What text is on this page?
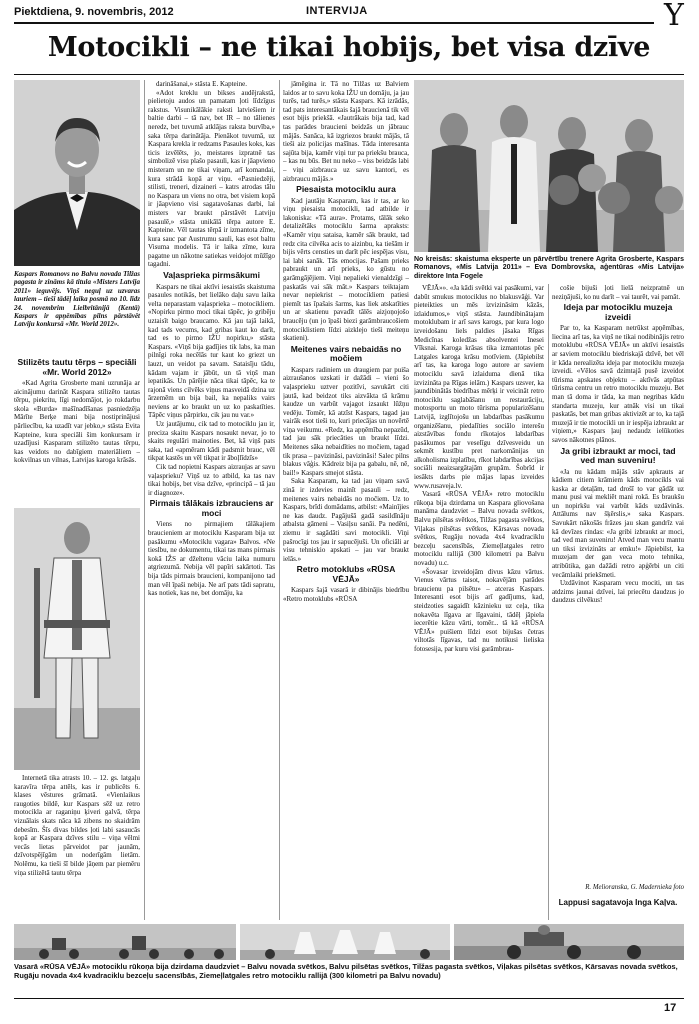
Piektdiena, 9. novembris, 2012	INTERVIJA	Y
Motocikli – ne tikai hobijs, bet visa dzīve
Kaspars Romanovs no Balvu novada Tilžas pagasta ir zināms kā titula «Misters Latvija 2011» ieguvējs. Viņš neguļ uz uzvaras lauriem – tieši tādēļ laika posmā no 10. līdz 24. novembrim Lielbritānijā (Kentā) Kaspars ir apņēmības pilns pārstāvēt Latviju konkursā «Mr. World 2012».
Stilizēts tautu tērps – speciāli «Mr. World 2012»

«Kad Agrita Grosberte mani uzrunāja ar aicinājumu darināt Kaspara stilizēto tautas tērpu, piekritu, līgi nedomājot, jo rokdarbu skola «Burda» mašīnadīšanas pasniedzēja Mārīte Berķe mani bija nostiprinājusi pārliecību, ka uzadīt var jebko,» stāsta Evita Kapteine, kura speciāli šim konkursam ir uzadījusi Kasparam stilizēto tautas tērpu, kas veidots no dabīgiem materiāliem – kokvilnas un vilnas, Latvijas karoga krāsās.

Internetā tika atrasts 10. – 12. gs. latgaļu karavīra tērpa attēls, kas ir publicēts 6. klases vēstures grāmatā. «Vienlaikus raugoties bildē, kur Kaspars sēž uz retro motocikla ar raganiņu ķiveri galvā, tērpa vizuālais skats nāca kā zibens no skaidrām debesīm. Šīs divas bildes ļoti labi sasaucās kopā ar Kaspara dzīves stilu – viņa vēlmi vecās lietas pārveidot par jaunām, dzīvotspējīgām un noderīgām lietām. Nolēmu, ka tieši šī bilde jāņem par piemēru viņa stilizētā tautu tērpa

darināšanai,» stāsta E. Kapteine.

«Adot kreklu un bikses audējrakstā, pielietoju audos un pamatam ļoti līdzīgus rakstus. Visunikālākie raksti latviešiem ir baltie darbi – tā nav, bet IR – no tālienes neredz, bet tuvumā atklājas raksta burvība,» saka tērpa darinātāja. Pienākot tuvumā, uz Kaspara krekla ir redzams Pasaules koks, kas ticis izvēlēts, jo, meistares izpratnē tas simbolizē visu plašo pasauli, kas ir jāapvieno misteram un ne tikai viņam, arī komandai, kura strādā kopā ar viņu. «Pasniedzēji, stilisti, treneri, dizaineri – katrs atrodas tālu no Kaspara un viens no otra, bet visiem kopā ir jāapvieno visi sagatavošanas darbi, lai misters var braukt pārstāvēt Latviju pasaulē,» stāsta unikālā tērpa autore E. Kapteine. Vēl tautas tērpā ir izmantota zīme, kura sauc par Austrumu sauli, kas esot baltu Visuma modelis. Tā ir laika zīme, kura pagatne un nākotne satiekas veidojot mūžīgo tagadni.

Vaļasprieka pirmsākumi

Kaspars ne tikai aktīvi iesaistās skaistuma pasaules notikās, bet lielāko daļu savu laika velta neparastam vaļasprieka – motocikliem. «Nopirku pirmo moci tikai tāpēc, jo gribēju uztaisīt baigo braucamo. Kā jau tajā laikā, kad tads vecums, kad gribas kaut ko darīt, tad es to pirmo IŽU nopirku,» stāsta Kaspars. «Viņš bija gadījies tik labs, ka man pilnīgi roka necēlās tur kaut ko griezt un lauzt, un veidot pa savam. Sataisīju tādu, kādam vajam ir jābūt, un tā viņš man iepatikās. Un pārējie nāca tikai tāpēc, ka te rajonā viens cilvēks viņus masveidā dzina uz ārzemēm un bija bail, ka nepaliks vairs neviens ar ko braukt un uz ko paskatīties. Tāpēc viņus pārpirku, cik jau nu var.»

Uz jautājumu, cik tad to motociklu jau ir, preciza skaitu Kaspars nosaukt nevar, jo to skaits regulāri mainoties. Bet, kā viņš pats saka, tad «apmēram kādi padsmit brauc, vēl tikpat kastēs un vēl tikpat ir āboļlīdzīs»

Cik tad nopietni Kaspars aizraujas ar savu vaļasprieku? Viņš uz to atbild, ka tas nav tikai hobijs, bet visa dzīve, «principā – tā jau ir diagnoze».

Pirmais tālākais izbrauciens ar moci

Viens no pirmajiem tālākajiem braucieniem ar motociklu Kasparam bija uz pasākumu «Motociklu vagara» Balvos. «Ne tieslbu, ne dokumentu, tikai tas mans pirmais kokā IŽS ar dželtenu vāciu laika numuru atgriezumā. Nebija vēl papīri sakārtoti. Tas bija tāds pirmais braucieni, kompanijono tad man vēl īpaši nebija. Ne arī pats tādi sapratu, kas notiek, kas ne, bet domāju, ka

jāmēgina ir. Tā no Tilžas uz Balviem laidos ar to savu koka IŽU un domāju, ja jau turēs, tad turēs,» stāsta Kaspars. Kā izrādās, tad pats interesantākais šajā braucienā tik vēl esot bijis priekšā. «Jautrākais bija tad, kad tas parādes braucieni beidzās un jābrauc mājās. Sanāca, kā izgriezos braukt mājās, tā tieši aiz policijas mašīnas. Tāda interesanta sajūta bija, kamēr viņi tur pa priekšu brauca, – kas nu būs. Bet nu neko – viss beidzās labi – viņi aizbrauca uz savu kantori, es aizbraucu mājās.»

Piesaista motociklu aura

Kad jautāju Kasparam, kas ir tas, ar ko viņu piesaista motocikli, tad atbilde ir lakoniska: «Tā aura». Protams, tālāk seko detalizētāks motociklu šarma apraksts: «Kamēr viņu sataisa, kamēr sāk braukt, tad redz cita cilvēka acis to aizinbu, ka tiešām ir bijis vērts censties un darīt pēc iespējas visu, lai labi sanāk. Tās emocijas. Pašam prieks pabraukt un arī prieks, ko gūstu no garāmgājējiem. Viņi nepalieki vienaldzīgi – paskatās vai sāk māt.» Kaspars teiktajam nevar nepiekrist – motocikliem patiesi piemīt tas īpašais šarms, kas liek atskatīties un ar skatienu pavadīt tālēs aizjoņojošo braucēju (un jo īpaši biezi garāmbraucošiem motociklistiem līdzi aizklejo tieši meiteņu skatieni).

Meitenes vairs nebaidās no močiem

Kaspars radiniem un draugiem par puiša aizraušanos uzskati ir dažādi – vieni šo vaļasprieku uztver pozitīvi, savukārt citi jautā, kad beidzot tiks aizvākta tā krāmu kaudze un varbūt vajagot izsaukt lūžņu vedēju. Tomēr, kā atzīst Kaspars, tagad jau vairāk esot tieši to, kuri priecājas un novērtē viņa veikumu. «Redz, ka apņēmība nepazūd, tad jau sāk priecāties un braukt līdzi. Meitenes sāka nebaidīties no močiem, tagad tik prasa – pavizināsi, pavizināsi! Salec pilns blakus vāģis. Kādreiz bija pa gabalu, nē, nē, bail!» Kaspars smejot stāsta.

Saka Kasparam, ka tad jau viņam savā zinā ir izdevies mainīt pasauli – redz, meitenes vairs nebaidās no močiem. Uz to Kaspars, brīdi domādams, atbilst: «Mainījies ne kas daudz. Pagājušā gadā sasildīnāju atbalsta gāmeni – Vasiļsu sanāi. Pa nedēni, ziemu ir sagādāti savi motocikli. Viņi pašrocīgi tos jau ir sapucējuši. Un oficiāli ar visu tehniskio apskati – jau var braukt ielās.»

Retro motoklubs «RŪSA VĒJĀ»

Kaspars šajā vasarā ir dibinājis biedrību «Retro motoklubs «RŪSA

No kreisās: skaistuma eksperte un pārvērtību trenere Agrita Grosberte, Kaspars Romanovs, «Mis Latvija 2011» – Eva Dombrovska, aģentūras «Mis Latvija» direktore Inta Fogele

VĒJĀ»». «Ja kādi svētki vai pasākumi, var dabūt smukus motociklus no blakusvāģi. Var pieteikties un mēs izvizināsim kāzās, izlaidumos,» viņš stāsta. Jaundibinātajam motoklubam ir arī savs karogs, par kura logo izveidošanu liels paldies jāsaka Rīgas Medicīnas koledžas absolventei Inesei Vīksnai. Karoga krāsas tika izmantotas pēc Latgales karoga krāsu motīviem. (Jāpiebilst arī tas, ka karoga logo autore ar saviem motociklu savā izlaiduma dienā tika izvizināta pa Rīgas ielām.) Kaspars uzsver, ka jaundibinātās biedrības mērķi ir veicināt retro motociklu saglabāšanu un restaurāciju, motosportu un moto tūrisma popularizēšanu Latvijā, izglītojošu un labdarības pasākumu organizēšanu, piedalīties sociālo interešu aizstāvības fondu rīkotajos labdarības pasākumos par veselīgu dzīvesveidu un sekmēt kustību pret narkomānijas un alkoholisma izplatību, rīkot labdarības akcijas sociāli neaizsargātajām grupām. Šobrīd ir iesākts darbs pie mājas lapas izveides www.rusaveja.lv.

Vasarā «RŪSA VĒJĀ» retro motociklu rūkoņa bija dzirdama un Kaspara gliovošana manāma daudzviet – Balvu novada svētkos, Balvu pilsētas svētkos, Tilžas pagasta svētkos, Viļakas pilsētas svētkos, Kārsavas novada svētkos, Rugāju novada 4x4 kvadraciklu bezceļu sacensībās, Ziemeļlatgales retro motociklu rallijā (300 kilometri pa Balvu novadu) u.c.

«Šovasar izveidojām divus kāzu vārtus. Vienus vārtus taisot, nokavējām parādes braucienu pa pilsētu» – atceras Kaspars. Interesanti esot bijis arī gadījums, kad, steidzoties sagaidīt kāzinieku uz ceļa, tika nokavēta līgava ar līgavaini, tādēļ jāpiela iecerētie kāzu vārti, tomēr... tā kā «RŪSA VĒJĀ» puišiem līdzi esot bijušas četras viltotās līgavas, tad nu notikusi lieliska fotosesija, par kuru visi garāmbrau-

cošie bijuši ļoti lielā neizpratnē un neziņājuši, ko nu darīt – vai taurēt, vai pamāt.

Ideja par motociklu muzeja izveidi

Par to, ka Kasparam netrūkst apņēmības, liecina arī tas, ka viņš ne tikai nodibinājis retro motoklubu «RŪSA VĒJĀ» un aktīvi iesaistās ar saviem motociklu biedriskajā dzīvē, bet vēl ir kāda nerealizēta ideja par motociklu muzeja izveidi. «Vēlos savā dzimtajā pusē izveidot tūrisma apskates objektu – aktīvās atpūtas tūrisma centru un retro motociklu muzeju. Bet man tā doma ir tāda, ka man negribas kādu standarta muzeju, kur atnāk visi un tikai paskatās, bet man gribas aktivizēt ar to, ka tajā muzejā ir tie motocikli un ir iespēja izbraukt ar viņiem,» Kaspars ļauj nedaudz ielūkoties savos nākotnes plānos.

Ja gribi izbraukt ar moci, tad ved man suveniru!

«Ja nu kādam mājās stāv apkrauts ar kādiem citiem krāmiem kāds motocikls vai kaska ar detaļām, tad drošī to var gādāt uz manu pusi vai mekliēt mani rokā. Es braukšu un nopirkšu vai varbūt kāds uzdāvinās. Attālums nav šķērslis,» saka Kaspars. Savukārt nākošās frāzes jau skan gandrīz vai kā devīzes rindas: «Ja gribi izbraukt ar moci, tad ved man suveniru! Atved man vecu mantu un tiksi izvizināts ar emku!» Jāpiebilst, ka muzejam der gan veca moto tehnika, atribūtika, gan dažādi retro apģērbi un citi vecāmlaiki priekšmeti.

Uzdāvinot Kasparam vecu mociti, un tas atdzims jaunai dzīvei, lai priecētu daudzus jo daudzus cilvēkus!

R. Melioranska, G. Madernieka foto
Lappusi sagatavoja Inga Kaļva.
Vasarā «RŪSA VĒJĀ» motociklu rūkoņa bija dzirdama daudzviet – Balvu novada svētkos, Balvu pilsētas svētkos, Tilžas pagasta svētkos, Viļakas pilsētas svētkos, Kārsavas novada svētkos, Rugāju novada 4x4 kvadraciklu bezceļu sacensībās, Ziemeļlatgales retro motociklu rallijā (300 kilometri pa Balvu novadu)
17
